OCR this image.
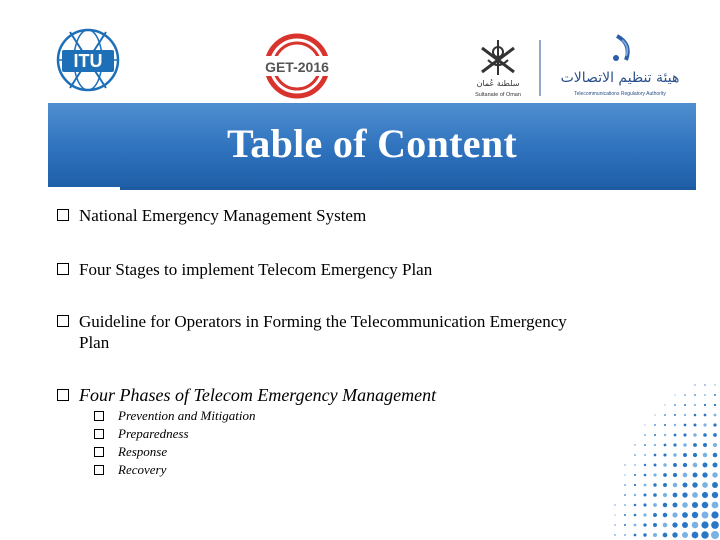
ITU	GET-2016
سلطنة عُمان
Sultanate of Oman
هيئة تنظيم الاتصالات
Telecommunications Regulatory Authority
Table of Content
National Emergency Management System
Four Stages to implement Telecom Emergency Plan
Guideline for Operators in Forming the Telecommunication Emergency
Plan
Four Phases of Telecom Emergency Management
Prevention and Mitigation
Preparedness
Response
Recovery
